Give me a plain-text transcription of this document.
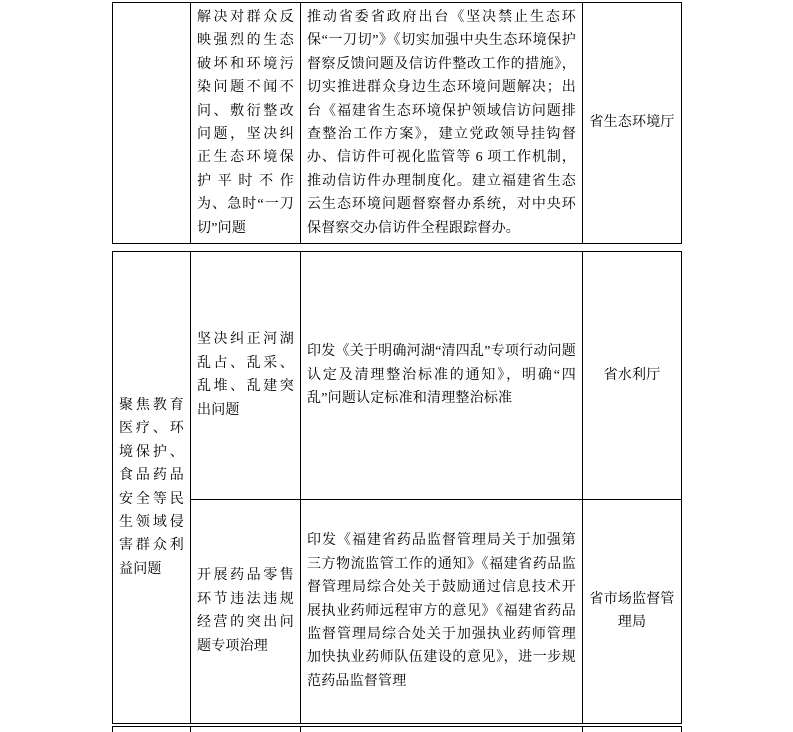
解决对群众反映强烈的生态破坏和环境污染问题不闻不问、敷衍整改问题，坚决纠正生态环境保护平时不作为、急时“一刀切”问题
推动省委省政府出台《坚决禁止生态环保“一刀切”》《切实加强中央生态环境保护督察反馈问题及信访件整改工作的措施》，切实推进群众身边生态环境问题解决；出台《福建省生态环境保护领域信访问题排查整治工作方案》，建立党政领导挂钩督办、信访件可视化监管等 6 项工作机制，推动信访件办理制度化。建立福建省生态云生态环境问题督察督办系统，对中央环保督察交办信访件全程跟踪督办。
省生态环境厅
聚焦教育医疗、环境保护、食品药品安全等民生领域侵害群众利益问题
坚决纠正河湖乱占、乱采、乱堆、乱建突出问题
印发《关于明确河湖“清四乱”专项行动问题认定及清理整治标准的通知》，明确“四乱”问题认定标准和清理整治标准
省水利厅
开展药品零售环节违法违规经营的突出问题专项治理
印发《福建省药品监督管理局关于加强第三方物流监管工作的通知》《福建省药品监督管理局综合处关于鼓励通过信息技术开展执业药师远程审方的意见》《福建省药品监督管理局综合处关于加强执业药师管理加快执业药师队伍建设的意见》，进一步规范药品监督管理
省市场监督管理局
